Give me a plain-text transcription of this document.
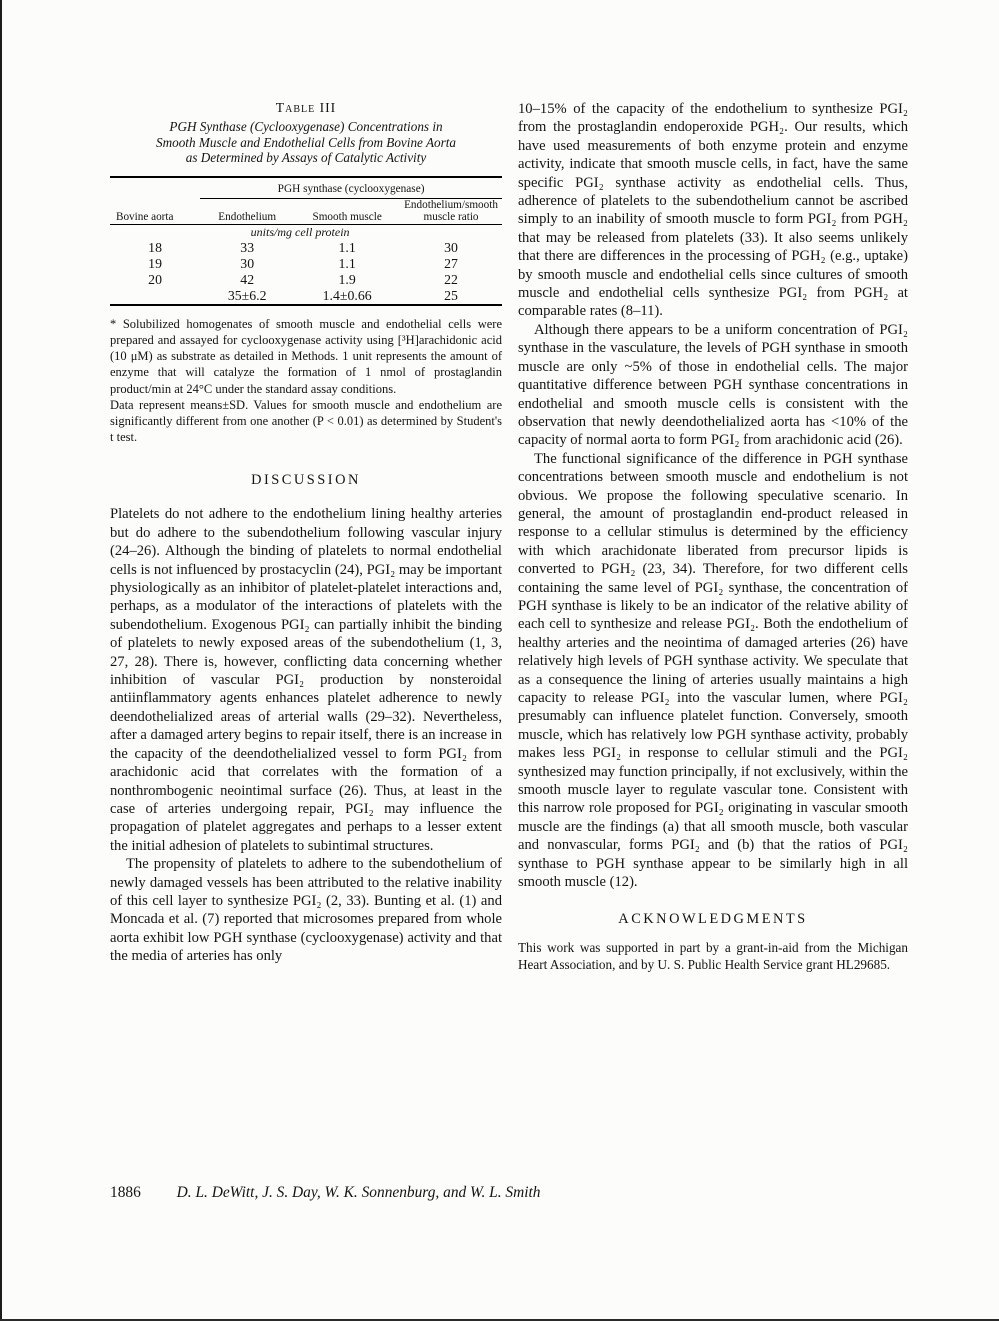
Table III
PGH Synthase (Cyclooxygenase) Concentrations in Smooth Muscle and Endothelial Cells from Bovine Aorta as Determined by Assays of Catalytic Activity
	PGH synthase (cyclooxygenase)		
Bovine aorta	Endothelium	Smooth muscle	Endothelium/smooth muscle ratio
	units/mg cell protein		
18	33	1.1	30
19	30	1.1	27
20	42	1.9	22
	35±6.2	1.4±0.66	25

* Solubilized homogenates of smooth muscle and endothelial cells were prepared and assayed for cyclooxygenase activity using [³H]arachidonic acid (10 μM) as substrate as detailed in Methods. 1 unit represents the amount of enzyme that will catalyze the formation of 1 nmol of prostaglandin product/min at 24°C under the standard assay conditions.

Data represent means±SD. Values for smooth muscle and endothelium are significantly different from one another (P < 0.01) as determined by Student's t test.

DISCUSSION

Platelets do not adhere to the endothelium lining healthy arteries but do adhere to the subendothelium following vascular injury (24–26). Although the binding of platelets to normal endothelial cells is not influenced by prostacyclin (24), PGI₂ may be important physiologically as an inhibitor of platelet-platelet interactions and, perhaps, as a modulator of the interactions of platelets with the subendothelium. Exogenous PGI₂ can partially inhibit the binding of platelets to newly exposed areas of the subendothelium (1, 3, 27, 28). There is, however, conflicting data concerning whether inhibition of vascular PGI₂ production by nonsteroidal antiinflammatory agents enhances platelet adherence to newly deendothelialized areas of arterial walls (29–32). Nevertheless, after a damaged artery begins to repair itself, there is an increase in the capacity of the deendothelialized vessel to form PGI₂ from arachidonic acid that correlates with the formation of a nonthrombogenic neointimal surface (26). Thus, at least in the case of arteries undergoing repair, PGI₂ may influence the propagation of platelet aggregates and perhaps to a lesser extent the initial adhesion of platelets to subintimal structures.

The propensity of platelets to adhere to the subendothelium of newly damaged vessels has been attributed to the relative inability of this cell layer to synthesize PGI₂ (2, 33). Bunting et al. (1) and Moncada et al. (7) reported that microsomes prepared from whole aorta exhibit low PGH synthase (cyclooxygenase) activity and that the media of arteries has only

10–15% of the capacity of the endothelium to synthesize PGI₂ from the prostaglandin endoperoxide PGH₂. Our results, which have used measurements of both enzyme protein and enzyme activity, indicate that smooth muscle cells, in fact, have the same specific PGI₂ synthase activity as endothelial cells. Thus, adherence of platelets to the subendothelium cannot be ascribed simply to an inability of smooth muscle to form PGI₂ from PGH₂ that may be released from platelets (33). It also seems unlikely that there are differences in the processing of PGH₂ (e.g., uptake) by smooth muscle and endothelial cells since cultures of smooth muscle and endothelial cells synthesize PGI₂ from PGH₂ at comparable rates (8–11).

Although there appears to be a uniform concentration of PGI₂ synthase in the vasculature, the levels of PGH synthase in smooth muscle are only ~5% of those in endothelial cells. The major quantitative difference between PGH synthase concentrations in endothelial and smooth muscle cells is consistent with the observation that newly deendothelialized aorta has <10% of the capacity of normal aorta to form PGI₂ from arachidonic acid (26).

The functional significance of the difference in PGH synthase concentrations between smooth muscle and endothelium is not obvious. We propose the following speculative scenario. In general, the amount of prostaglandin end-product released in response to a cellular stimulus is determined by the efficiency with which arachidonate liberated from precursor lipids is converted to PGH₂ (23, 34). Therefore, for two different cells containing the same level of PGI₂ synthase, the concentration of PGH synthase is likely to be an indicator of the relative ability of each cell to synthesize and release PGI₂. Both the endothelium of healthy arteries and the neointima of damaged arteries (26) have relatively high levels of PGH synthase activity. We speculate that as a consequence the lining of arteries usually maintains a high capacity to release PGI₂ into the vascular lumen, where PGI₂ presumably can influence platelet function. Conversely, smooth muscle, which has relatively low PGH synthase activity, probably makes less PGI₂ in response to cellular stimuli and the PGI₂ synthesized may function principally, if not exclusively, within the smooth muscle layer to regulate vascular tone. Consistent with this narrow role proposed for PGI₂ originating in vascular smooth muscle are the findings (a) that all smooth muscle, both vascular and nonvascular, forms PGI₂ and (b) that the ratios of PGI₂ synthase to PGH synthase appear to be similarly high in all smooth muscle (12).

ACKNOWLEDGMENTS

This work was supported in part by a grant-in-aid from the Michigan Heart Association, and by U. S. Public Health Service grant HL29685.

1886 D. L. DeWitt, J. S. Day, W. K. Sonnenburg, and W. L. Smith
